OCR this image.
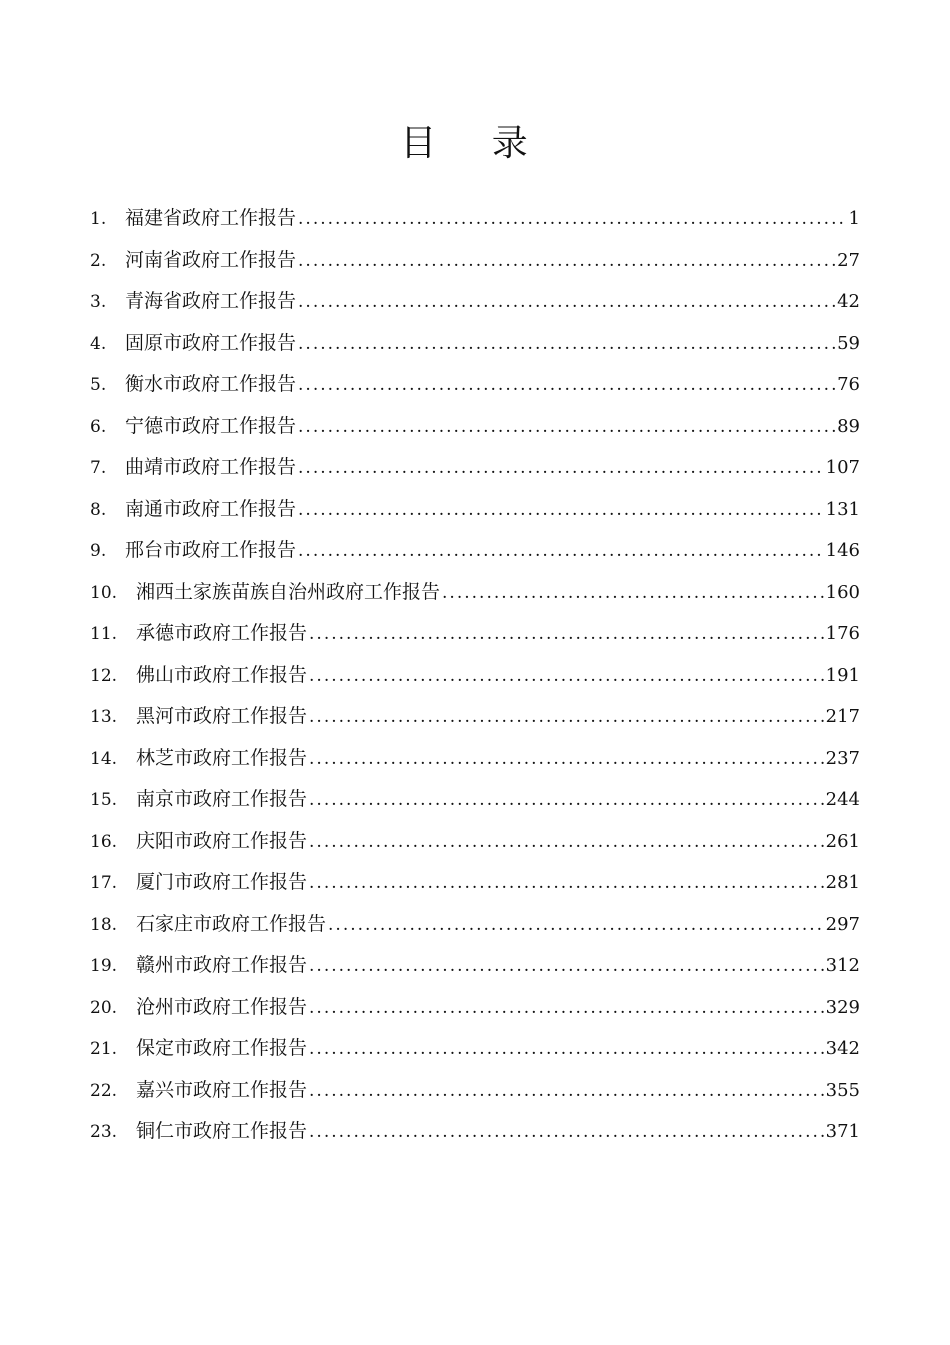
目 录
1. 福建省政府工作报告 .....	1
2. 河南省政府工作报告 .....	27
3. 青海省政府工作报告 .....	42
4. 固原市政府工作报告 .....	59
5. 衡水市政府工作报告 .....	76
6. 宁德市政府工作报告 .....	89
7. 曲靖市政府工作报告 .....	107
8. 南通市政府工作报告 .....	131
9. 邢台市政府工作报告 .....	146
10. 湘西土家族苗族自治州政府工作报告 .....	160
11. 承德市政府工作报告 .....	176
12. 佛山市政府工作报告 .....	191
13. 黑河市政府工作报告 .....	217
14. 林芝市政府工作报告 .....	237
15. 南京市政府工作报告 .....	244
16. 庆阳市政府工作报告 .....	261
17. 厦门市政府工作报告 .....	281
18. 石家庄市政府工作报告 .....	297
19. 赣州市政府工作报告 .....	312
20. 沧州市政府工作报告 .....	329
21. 保定市政府工作报告 .....	342
22. 嘉兴市政府工作报告 .....	355
23. 铜仁市政府工作报告 .....	371
